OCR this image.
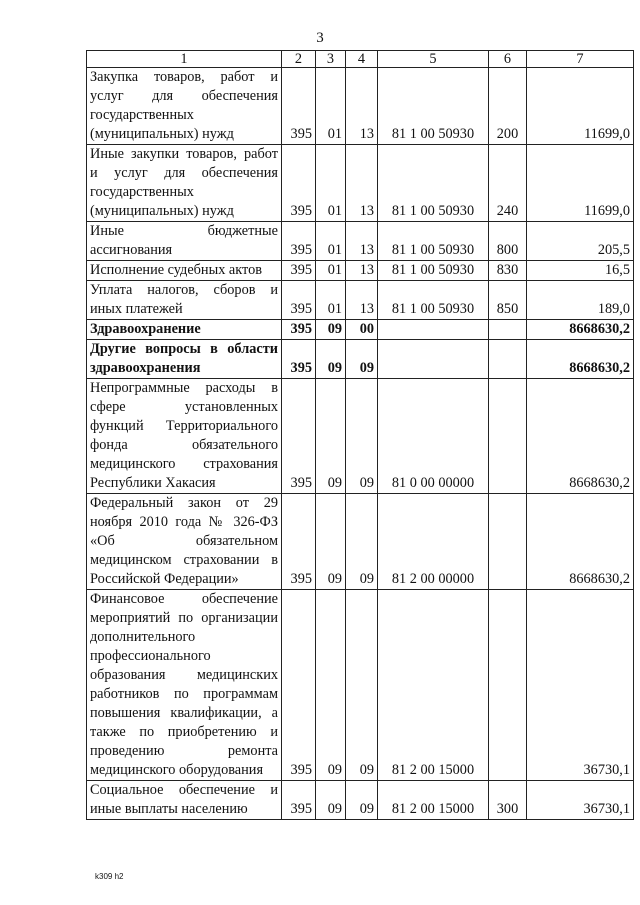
3
1	2	3	4	5	6	7
Закупка товаров, работ и услуг для обеспечения государственных (муниципальных) нужд	395	01	13	81 1 00 50930	200	11699,0
Иные закупки товаров, работ и услуг для обеспечения государственных (муниципальных) нужд	395	01	13	81 1 00 50930	240	11699,0
Иные бюджетные ассигнования	395	01	13	81 1 00 50930	800	205,5
Исполнение судебных актов	395	01	13	81 1 00 50930	830	16,5
Уплата налогов, сборов и иных платежей	395	01	13	81 1 00 50930	850	189,0
Здравоохранение	395	09	00			8668630,2
Другие вопросы в области здравоохранения	395	09	09			8668630,2
Непрограммные расходы в сфере установленных функций Территориального фонда обязательного медицинского страхования Республики Хакасия	395	09	09	81 0 00 00000		8668630,2
Федеральный закон от 29 ноября 2010 года № 326-ФЗ «Об обязательном медицинском страховании в Российской Федерации»	395	09	09	81 2 00 00000		8668630,2
Финансовое обеспечение мероприятий по организации дополнительного профессионального образования медицинских работников по программам повышения квалификации, а также по приобретению и проведению ремонта медицинского оборудования	395	09	09	81 2 00 15000		36730,1
Социальное обеспечение и иные выплаты населению	395	09	09	81 2 00 15000	300	36730,1
k309 h2
